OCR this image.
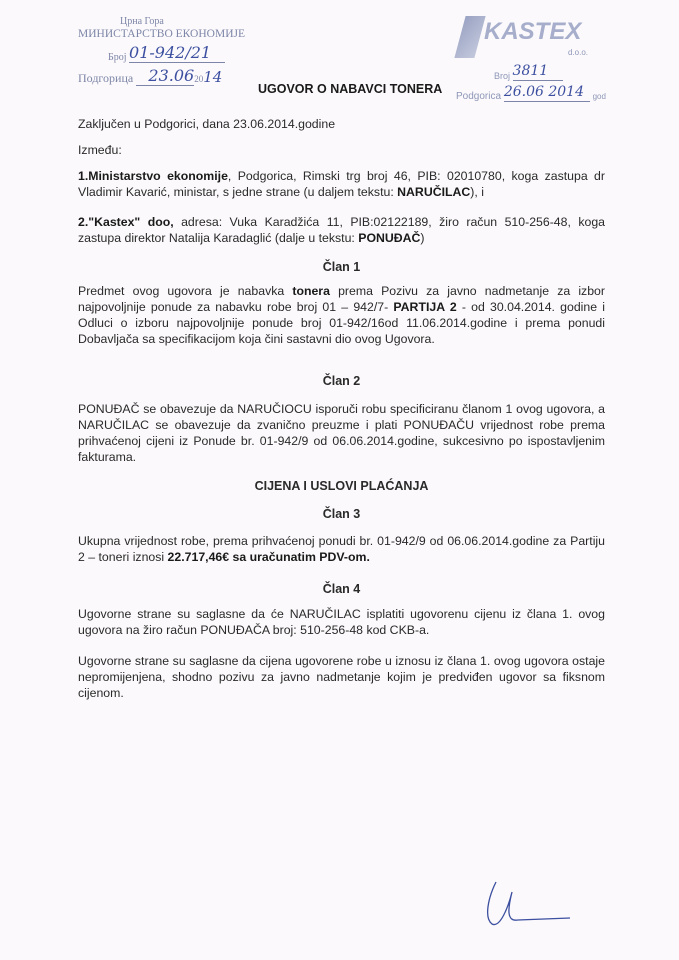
Црна Гора
МИНИСТАРСТВО ЕКОНОМИЈЕ
Број 01-942/21
Подгорица 23.062014
UGOVOR O NABAVCI TONERA
KASTEX
d.o.o.
Broj 3811
Podgorica 26.06 2014 god

Zaključen u Podgorici, dana 23.06.2014.godine

Između:

1.Ministarstvo ekonomije, Podgorica, Rimski trg broj 46, PIB: 02010780, koga zastupa dr Vladimir Kavarić, ministar, s jedne strane (u daljem tekstu: NARUČILAC), i

2."Kastex" doo, adresa: Vuka Karadžića 11, PIB:02122189, žiro račun 510-256-48, koga zastupa direktor Natalija Karadaglić (dalje u tekstu: PONUĐAČ)

Član 1

Predmet ovog ugovora je nabavka tonera prema Pozivu za javno nadmetanje za izbor najpovoljnije ponude za nabavku robe broj 01 – 942/7- PARTIJA 2 - od 30.04.2014. godine i Odluci o izboru najpovoljnije ponude broj 01-942/16od 11.06.2014.godine i prema ponudi Dobavljača sa specifikacijom koja čini sastavni dio ovog Ugovora.

Član 2

PONUĐAČ se obavezuje da NARUČIOCU isporuči robu specificiranu članom 1 ovog ugovora, a NARUČILAC se obavezuje da zvanično preuzme i plati PONUĐAČU vrijednost robe prema prihvaćenoj cijeni iz Ponude br. 01-942/9 od 06.06.2014.godine, sukcesivno po ispostavljenim fakturama.

CIJENA I USLOVI PLAĆANJA

Član 3

Ukupna vrijednost robe, prema prihvaćenoj ponudi br. 01-942/9 od 06.06.2014.godine za Partiju 2 – toneri iznosi 22.717,46€ sa uračunatim PDV-om.

Član 4

Ugovorne strane su saglasne da će NARUČILAC isplatiti ugovorenu cijenu iz člana 1. ovog ugovora na žiro račun PONUĐAČA broj: 510-256-48 kod CKB-a.

Ugovorne strane su saglasne da cijena ugovorene robe u iznosu iz člana 1. ovog ugovora ostaje nepromijenjena, shodno pozivu za javno nadmetanje kojim je predviđen ugovor sa fiksnom cijenom.
